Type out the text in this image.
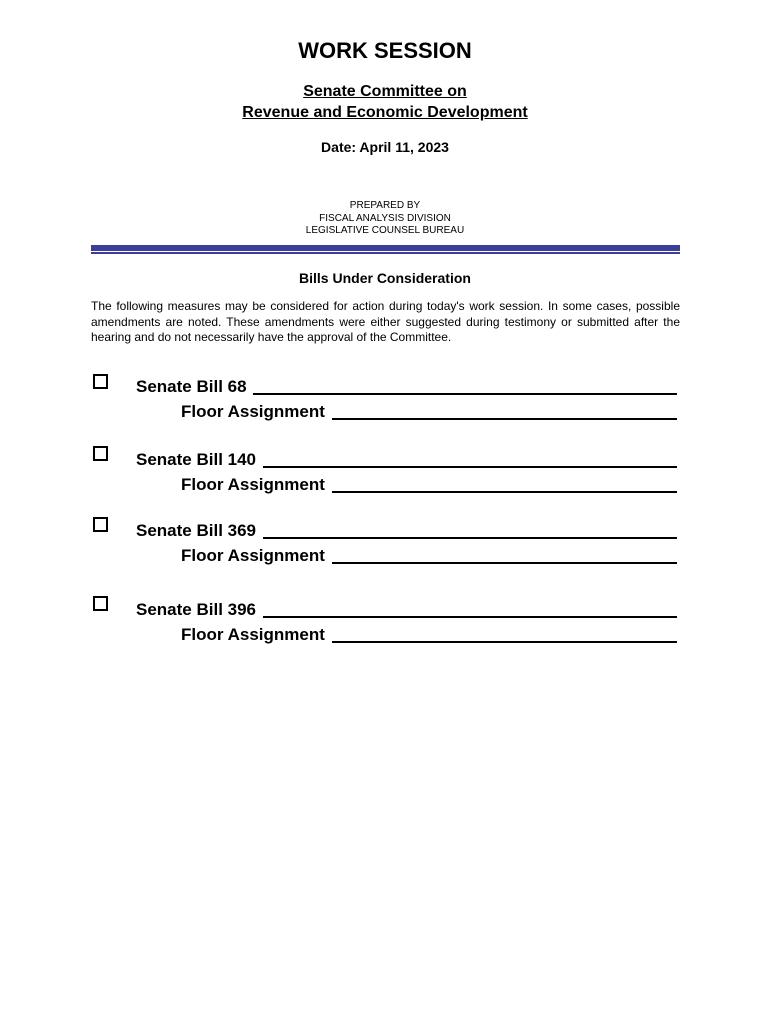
WORK SESSION
Senate Committee on
Revenue and Economic Development
Date: April 11, 2023
PREPARED BY
FISCAL ANALYSIS DIVISION
LEGISLATIVE COUNSEL BUREAU
Bills Under Consideration
The following measures may be considered for action during today's work session. In some cases, possible amendments are noted. These amendments were either suggested during testimony or submitted after the hearing and do not necessarily have the approval of the Committee.
Senate Bill 68
Floor Assignment
Senate Bill 140
Floor Assignment
Senate Bill 369
Floor Assignment
Senate Bill 396
Floor Assignment
